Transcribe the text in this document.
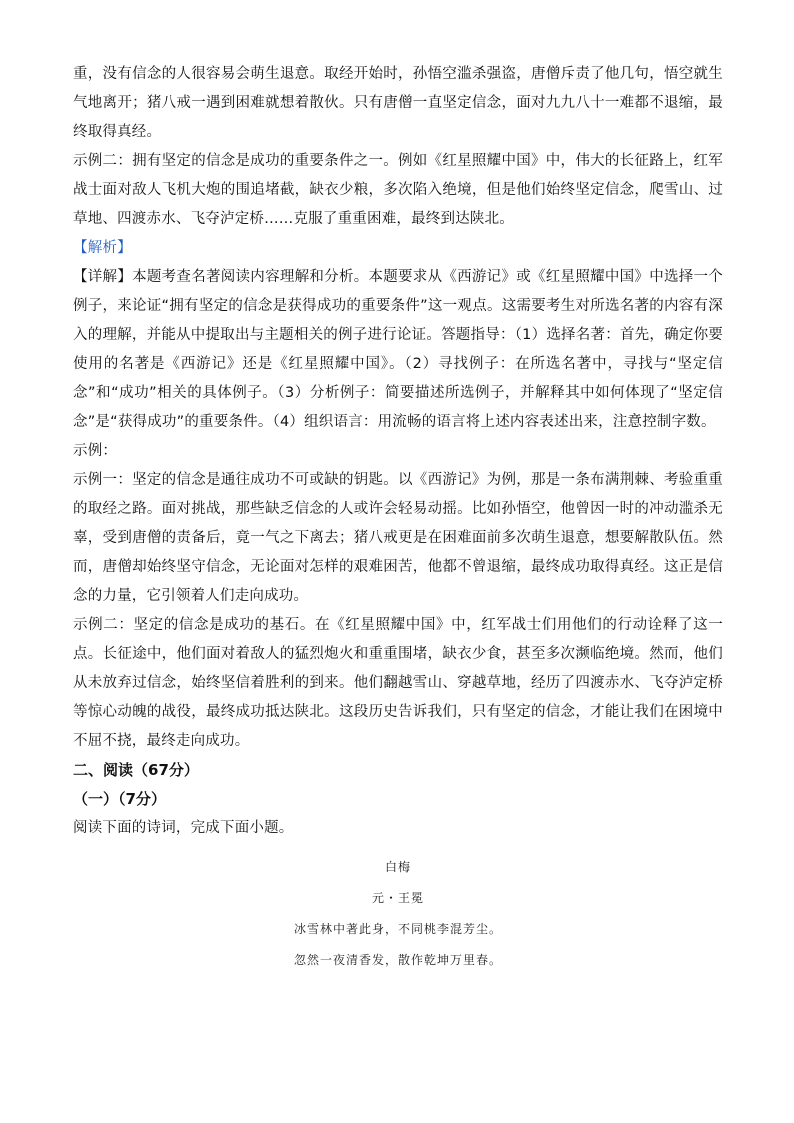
重，没有信念的人很容易会萌生退意。取经开始时，孙悟空滥杀强盗，唐僧斥责了他几句，悟空就生气地离开；猪八戒一遇到困难就想着散伙。只有唐僧一直坚定信念，面对九九八十一难都不退缩，最终取得真经。

示例二：拥有坚定的信念是成功的重要条件之一。例如《红星照耀中国》中，伟大的长征路上，红军战士面对敌人飞机大炮的围追堵截，缺衣少粮，多次陷入绝境，但是他们始终坚定信念，爬雪山、过草地、四渡赤水、飞夺泸定桥……克服了重重困难，最终到达陕北。

【解析】

【详解】本题考查名著阅读内容理解和分析。本题要求从《西游记》或《红星照耀中国》中选择一个例子，来论证“拥有坚定的信念是获得成功的重要条件”这一观点。这需要考生对所选名著的内容有深入的理解，并能从中提取出与主题相关的例子进行论证。答题指导：（1）选择名著：首先，确定你要使用的名著是《西游记》还是《红星照耀中国》。（2）寻找例子：在所选名著中，寻找与“坚定信念”和“成功”相关的具体例子。（3）分析例子：简要描述所选例子，并解释其中如何体现了“坚定信念”是“获得成功”的重要条件。（4）组织语言：用流畅的语言将上述内容表述出来，注意控制字数。

示例：

示例一：坚定的信念是通往成功不可或缺的钥匙。以《西游记》为例，那是一条布满荆棘、考验重重的取经之路。面对挑战，那些缺乏信念的人或许会轻易动摇。比如孙悟空，他曾因一时的冲动滥杀无辜，受到唐僧的责备后，竟一气之下离去；猪八戒更是在困难面前多次萌生退意，想要解散队伍。然而，唐僧却始终坚守信念，无论面对怎样的艰难困苦，他都不曾退缩，最终成功取得真经。这正是信念的力量，它引领着人们走向成功。

示例二：坚定的信念是成功的基石。在《红星照耀中国》中，红军战士们用他们的行动诠释了这一点。长征途中，他们面对着敌人的猛烈炮火和重重围堵，缺衣少食，甚至多次濒临绝境。然而，他们从未放弃过信念，始终坚信着胜利的到来。他们翻越雪山、穿越草地，经历了四渡赤水、飞夺泸定桥等惊心动魄的战役，最终成功抵达陕北。这段历史告诉我们，只有坚定的信念，才能让我们在困境中不屈不挠，最终走向成功。

二、阅读（67分）

（一）（7分）

阅读下面的诗词，完成下面小题。

白梅

元・王冕

冰雪林中著此身，不同桃李混芳尘。

忽然一夜清香发，散作乾坤万里春。
